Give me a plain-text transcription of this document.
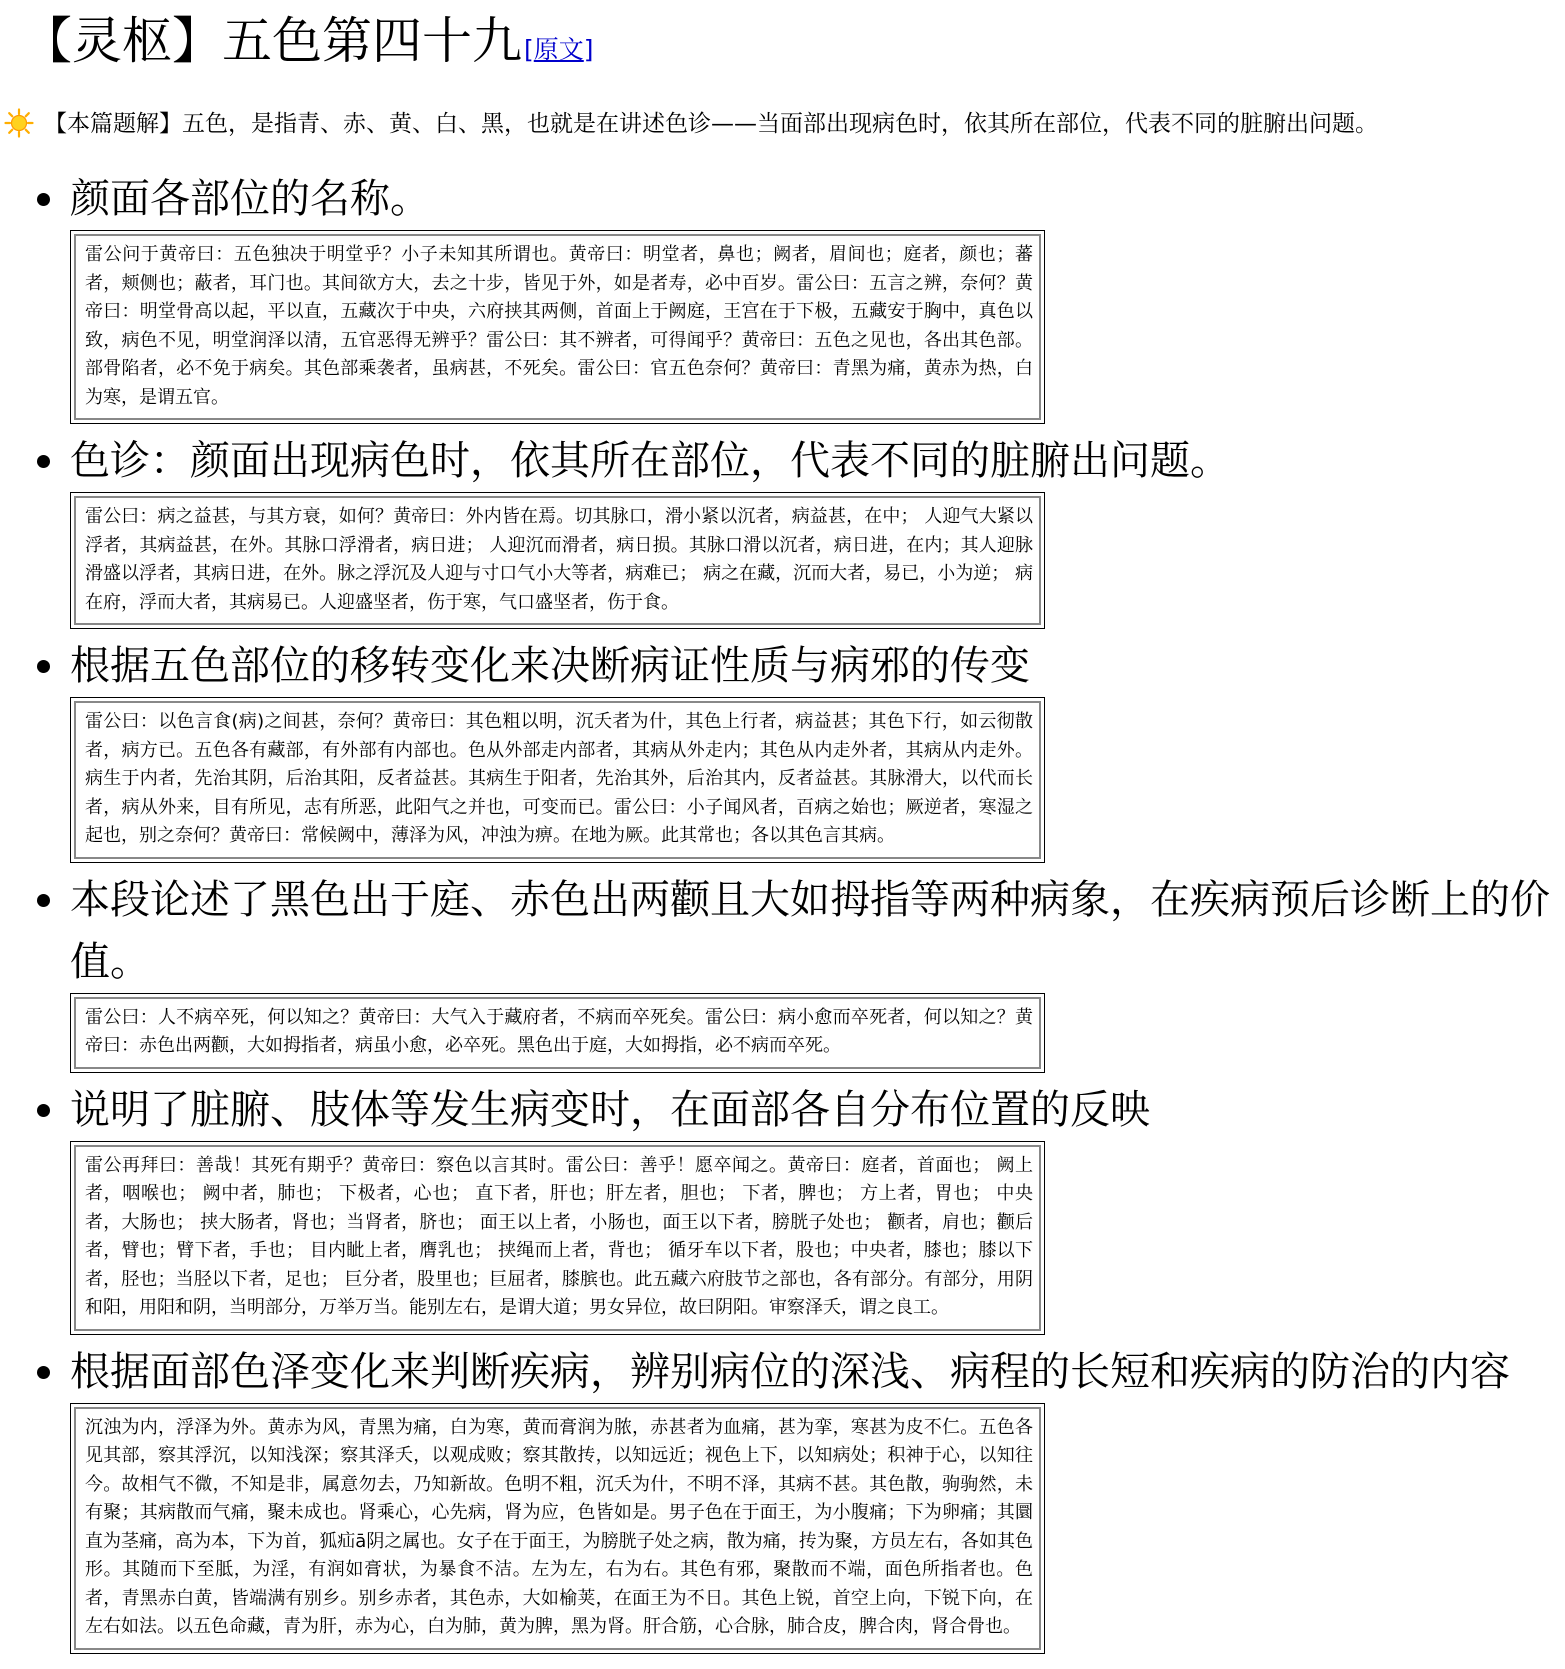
【灵枢】五色第四十九[原文]
【本篇题解】五色，是指青、赤、黄、白、黑，也就是在讲述色诊——当面部出现病色时，依其所在部位，代表不同的脏腑出问题。
颜面各部位的名称。
雷公问于黄帝曰：五色独决于明堂乎？小子未知其所谓也。黄帝曰：明堂者，鼻也；阙者，眉间也；庭者，颜也；蕃者，颊侧也；蔽者，耳门也。其间欲方大，去之十步，皆见于外，如是者寿，必中百岁。雷公曰：五言之辨，奈何？黄帝曰：明堂骨高以起，平以直，五藏次于中央，六府挟其两侧，首面上于阙庭，王宫在于下极，五藏安于胸中，真色以致，病色不见，明堂润泽以清，五官恶得无辨乎？雷公曰：其不辨者，可得闻乎？黄帝曰：五色之见也，各出其色部。部骨陷者，必不免于病矣。其色部乘袭者，虽病甚，不死矣。雷公曰：官五色奈何？黄帝曰：青黑为痛，黄赤为热，白为寒，是谓五官。
色诊：颜面出现病色时，依其所在部位，代表不同的脏腑出问题。
雷公曰：病之益甚，与其方衰，如何？黄帝曰：外内皆在焉。切其脉口，滑小紧以沉者，病益甚，在中； 人迎气大紧以浮者，其病益甚，在外。其脉口浮滑者，病日进； 人迎沉而滑者，病日损。其脉口滑以沉者，病日进，在内；其人迎脉滑盛以浮者，其病日进，在外。脉之浮沉及人迎与寸口气小大等者，病难已； 病之在藏，沉而大者，易已，小为逆； 病在府，浮而大者，其病易已。人迎盛坚者，伤于寒，气口盛坚者，伤于食。
根据五色部位的移转变化来决断病证性质与病邪的传变
雷公曰：以色言食(病)之间甚，奈何？黄帝曰：其色粗以明，沉夭者为什，其色上行者，病益甚；其色下行，如云彻散者，病方已。五色各有藏部，有外部有内部也。色从外部走内部者，其病从外走内；其色从内走外者，其病从内走外。病生于内者，先治其阴，后治其阳，反者益甚。其病生于阳者，先治其外，后治其内，反者益甚。其脉滑大，以代而长者，病从外来，目有所见，志有所恶，此阳气之并也，可变而已。雷公曰：小子闻风者，百病之始也；厥逆者，寒湿之起也，别之奈何？黄帝曰：常候阙中，薄泽为风，冲浊为痹。在地为厥。此其常也；各以其色言其病。
本段论述了黑色出于庭、赤色出两颧且大如拇指等两种病象，在疾病预后诊断上的价值。
雷公曰：人不病卒死，何以知之？黄帝曰：大气入于藏府者，不病而卒死矣。雷公曰：病小愈而卒死者，何以知之？黄帝曰：赤色出两颧，大如拇指者，病虽小愈，必卒死。黑色出于庭，大如拇指，必不病而卒死。
说明了脏腑、肢体等发生病变时，在面部各自分布位置的反映
雷公再拜曰：善哉！其死有期乎？黄帝曰：察色以言其时。雷公曰：善乎！愿卒闻之。黄帝曰：庭者，首面也； 阙上者，咽喉也； 阙中者，肺也； 下极者，心也； 直下者，肝也；肝左者，胆也； 下者，脾也； 方上者，胃也； 中央者，大肠也； 挟大肠者，肾也；当肾者，脐也； 面王以上者，小肠也，面王以下者，膀胱子处也； 颧者，肩也；颧后者，臂也；臂下者，手也； 目内眦上者，膺乳也； 挟绳而上者，背也； 循牙车以下者，股也；中央者，膝也；膝以下者，胫也；当胫以下者，足也； 巨分者，股里也；巨屈者，膝膑也。此五藏六府肢节之部也，各有部分。有部分，用阴和阳，用阳和阴，当明部分，万举万当。能别左右，是谓大道；男女异位，故曰阴阳。审察泽夭，谓之良工。
根据面部色泽变化来判断疾病，辨别病位的深浅、病程的长短和疾病的防治的内容
沉浊为内，浮泽为外。黄赤为风，青黑为痛，白为寒，黄而膏润为脓，赤甚者为血痛，甚为挛，寒甚为皮不仁。五色各见其部，察其浮沉，以知浅深；察其泽夭，以观成败；察其散抟，以知远近；视色上下，以知病处；积神于心，以知往今。故相气不微，不知是非，属意勿去，乃知新故。色明不粗，沉夭为什，不明不泽，其病不甚。其色散，驹驹然，未有聚；其病散而气痛，聚未成也。肾乘心，心先病，肾为应，色皆如是。男子色在于面王，为小腹痛；下为卵痛；其圜直为茎痛，高为本，下为首，狐疝ā阴之属也。女子在于面王，为膀胱子处之病，散为痛，抟为聚，方员左右，各如其色形。其随而下至胝，为淫，有润如膏状，为暴食不洁。左为左，右为右。其色有邪，聚散而不端，面色所指者也。色者，青黑赤白黄，皆端满有别乡。别乡赤者，其色赤，大如榆荚，在面王为不日。其色上锐，首空上向，下锐下向，在左右如法。以五色命藏，青为肝，赤为心，白为肺，黄为脾，黑为肾。肝合筋，心合脉，肺合皮，脾合肉，肾合骨也。
